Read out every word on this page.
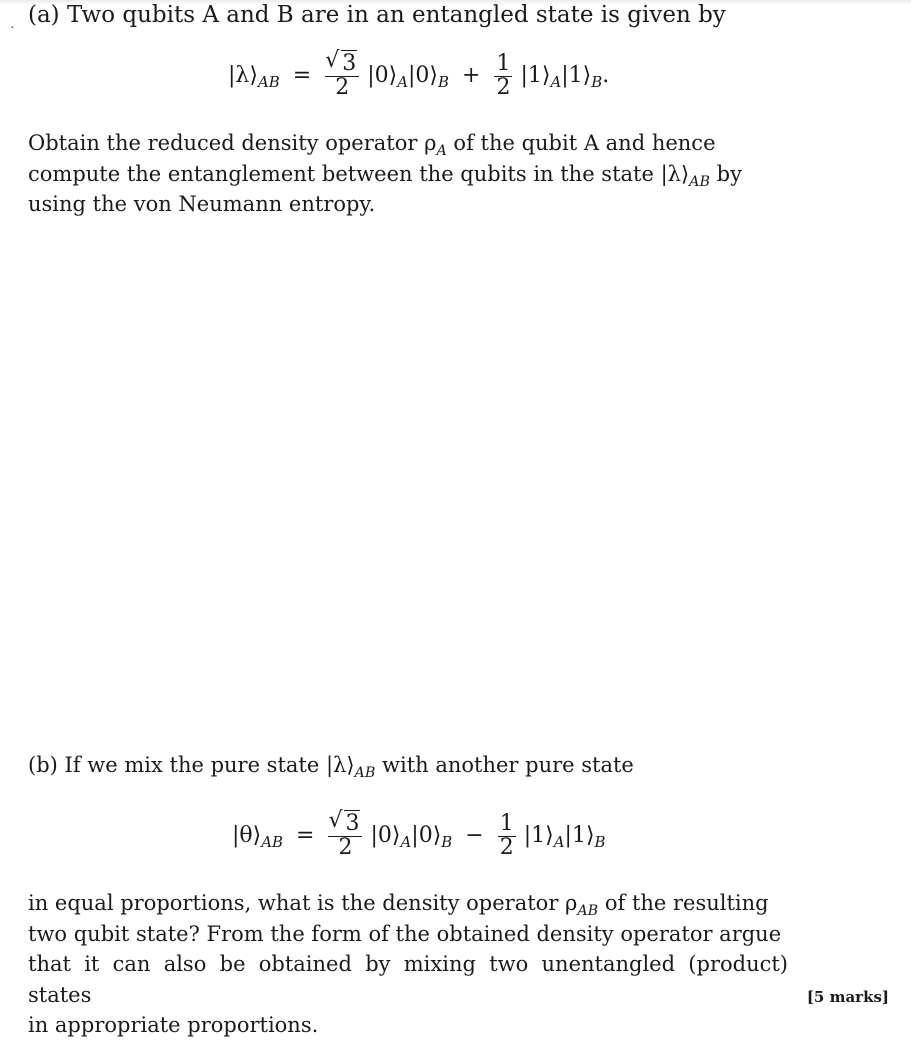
. (a) Two qubits A and B are in an entangled state is given by
$|\lambda⟩_{AB}$ = √ $\frac{3}{2}$ $|0⟩_A|0⟩_B + \frac{1}{2}$ $|1⟩_A|1⟩_B$.
Obtain the reduced density operator $\rho_A$ of the qubit A and hence
compute the entanglement between the qubits in the state $|\lambda⟩_{AB}$ by
using the von Neumann entropy.
(b) If we mix the pure state $|\lambda⟩_{AB}$ with another pure state
$|\theta⟩_{AB}$ = √ $\frac{3}{2}$ $|0⟩_A|0⟩_B - \frac{1}{2}$ $|1⟩_A|1⟩_B$
in equal proportions, what is the density operator $\rho_{AB}$ of the resulting
two qubit state? From the form of the obtained density operator argue
that it can also be obtained by mixing two unentangled (product) states
in appropriate proportions.
[5 marks]
